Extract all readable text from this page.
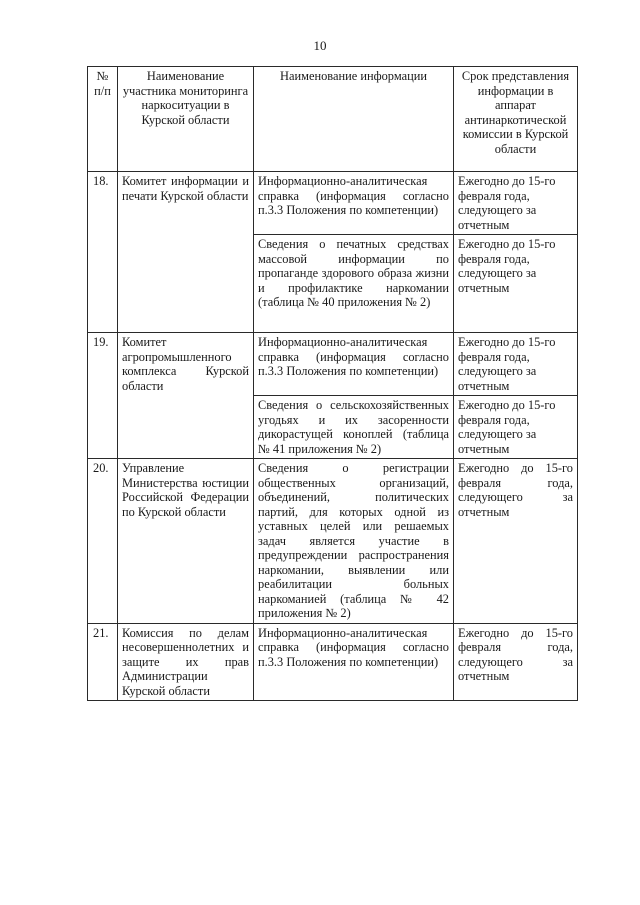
10
№ п/п	Наименование участника мониторинга наркоситуации в Курской области	Наименование информации	Срок представления информации в аппарат антинаркотической комиссии в Курской области
18.	Комитет информации и печати Курской области	Информационно-аналитическая справка (информация согласно п.3.3 Положения по компетенции)	Ежегодно до 15-го февраля года, следующего за отчетным
		Сведения о печатных средствах массовой информации по пропаганде здорового образа жизни и профилактике наркомании (таблица № 40 приложения № 2)	Ежегодно до 15-го февраля года, следующего за отчетным
19.	Комитет агропромышленного комплекса Курской области	Информационно-аналитическая справка (информация согласно п.3.3 Положения по компетенции)	Ежегодно до 15-го февраля года, следующего за отчетным
		Сведения о сельскохозяйственных угодьях и их засоренности дикорастущей коноплей (таблица № 41 приложения № 2)	Ежегодно до 15-го февраля года, следующего за отчетным
20.	Управление Министерства юстиции Российской Федерации по Курской области	Сведения о регистрации общественных организаций, объединений, политических партий, для которых одной из уставных целей или решаемых задач является участие в предупреждении распространения наркомании, выявлении или реабилитации больных наркоманией (таблица № 42 приложения № 2)	Ежегодно до 15-го февраля года, следующего за отчетным
21.	Комиссия по делам несовершеннолетних и защите их прав Администрации Курской области	Информационно-аналитическая справка (информация согласно п.3.3 Положения по компетенции)	Ежегодно до 15-го февраля года, следующего за отчетным
